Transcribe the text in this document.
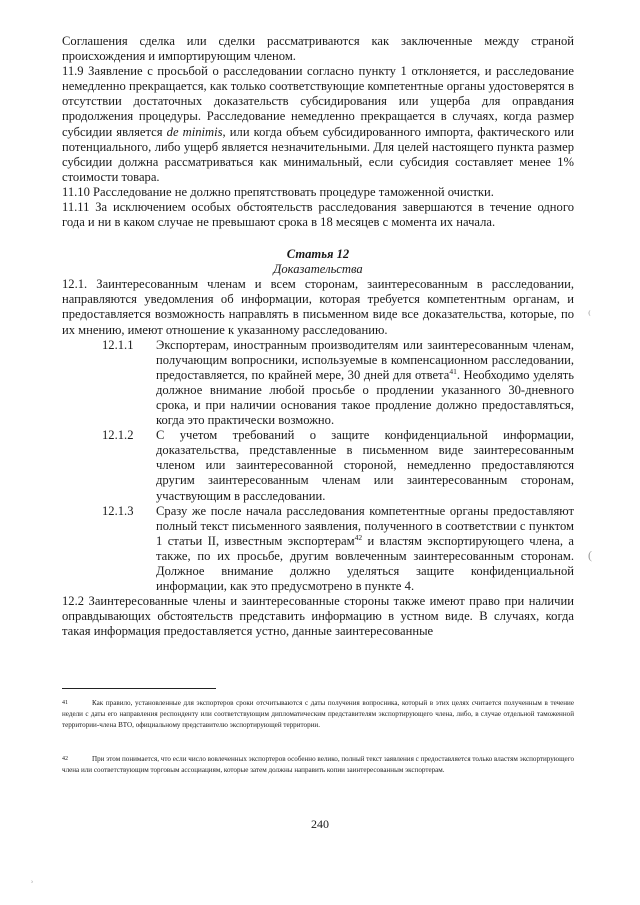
Соглашения сделка или сделки рассматриваются как заключенные между страной происхождения и импортирующим членом.

11.9 Заявление с просьбой о расследовании согласно пункту 1 отклоняется, и расследование немедленно прекращается, как только соответствующие компетентные органы удостоверятся в отсутствии достаточных доказательств субсидирования или ущерба для оправдания продолжения процедуры. Расследование немедленно прекращается в случаях, когда размер субсидии является de minimis, или когда объем субсидированного импорта, фактического или потенциального, либо ущерб является незначительными. Для целей настоящего пункта размер субсидии должна рассматриваться как минимальный, если субсидия составляет менее 1% стоимости товара.

11.10 Расследование не должно препятствовать процедуре таможенной очистки.

11.11 За исключением особых обстоятельств расследования завершаются в течение одного года и ни в каком случае не превышают срока в 18 месяцев с момента их начала.

Статья 12
Доказательства

12.1. Заинтересованным членам и всем сторонам, заинтересованным в расследовании, направляются уведомления об информации, которая требуется компетентным органам, и предоставляется возможность направлять в письменном виде все доказательства, которые, по их мнению, имеют отношение к указанному расследованию.

12.1.1	Экспортерам, иностранным производителям или заинтересованным членам, получающим вопросники, используемые в компенсационном расследовании, предоставляется, по крайней мере, 30 дней для ответа$^{41}$. Необходимо уделять должное внимание любой просьбе о продлении указанного 30-дневного срока, и при наличии основания такое продление должно предоставляться, когда это практически возможно.
12.1.2	С учетом требований о защите конфиденциальной информации, доказательства, представленные в письменном виде заинтересованным членом или заинтересованной стороной, немедленно предоставляются другим заинтересованным членам или заинтересованным сторонам, участвующим в расследовании.
12.1.3	Сразу же после начала расследования компетентные органы предоставляют полный текст письменного заявления, полученного в соответствии с пунктом 1 статьи II, известным экспортерам$^{42}$ и властям экспортирующего члена, а также, по их просьбе, другим вовлеченным заинтересованным сторонам. Должное внимание должно уделяться защите конфиденциальной информации, как это предусмотрено в пункте 4.

12.2 Заинтересованные члены и заинтересованные стороны также имеют право при наличии оправдывающих обстоятельств представить информацию в устном виде. В случаях, когда такая информация предоставляется устно, данные заинтересованные

41	Как правило, установленные для экспортеров сроки отсчитываются с даты получения вопросника, который в этих целях считается полученным в течение недели с даты его направления респонденту или соответствующим дипломатическим представителям экспортирующего члена, либо, в случае отдельной таможенной территории-члена ВТО, официальному представителю экспортирующей территории.
42	При этом понимается, что если число вовлеченных экспортеров особенно велико, полный текст заявления с предоставляется только властям экспортирующего члена или соответствующим торговым ассоциациям, которые затем должны направить копии заинтересованным экспортерам.
240
⁽
(
ʾ
